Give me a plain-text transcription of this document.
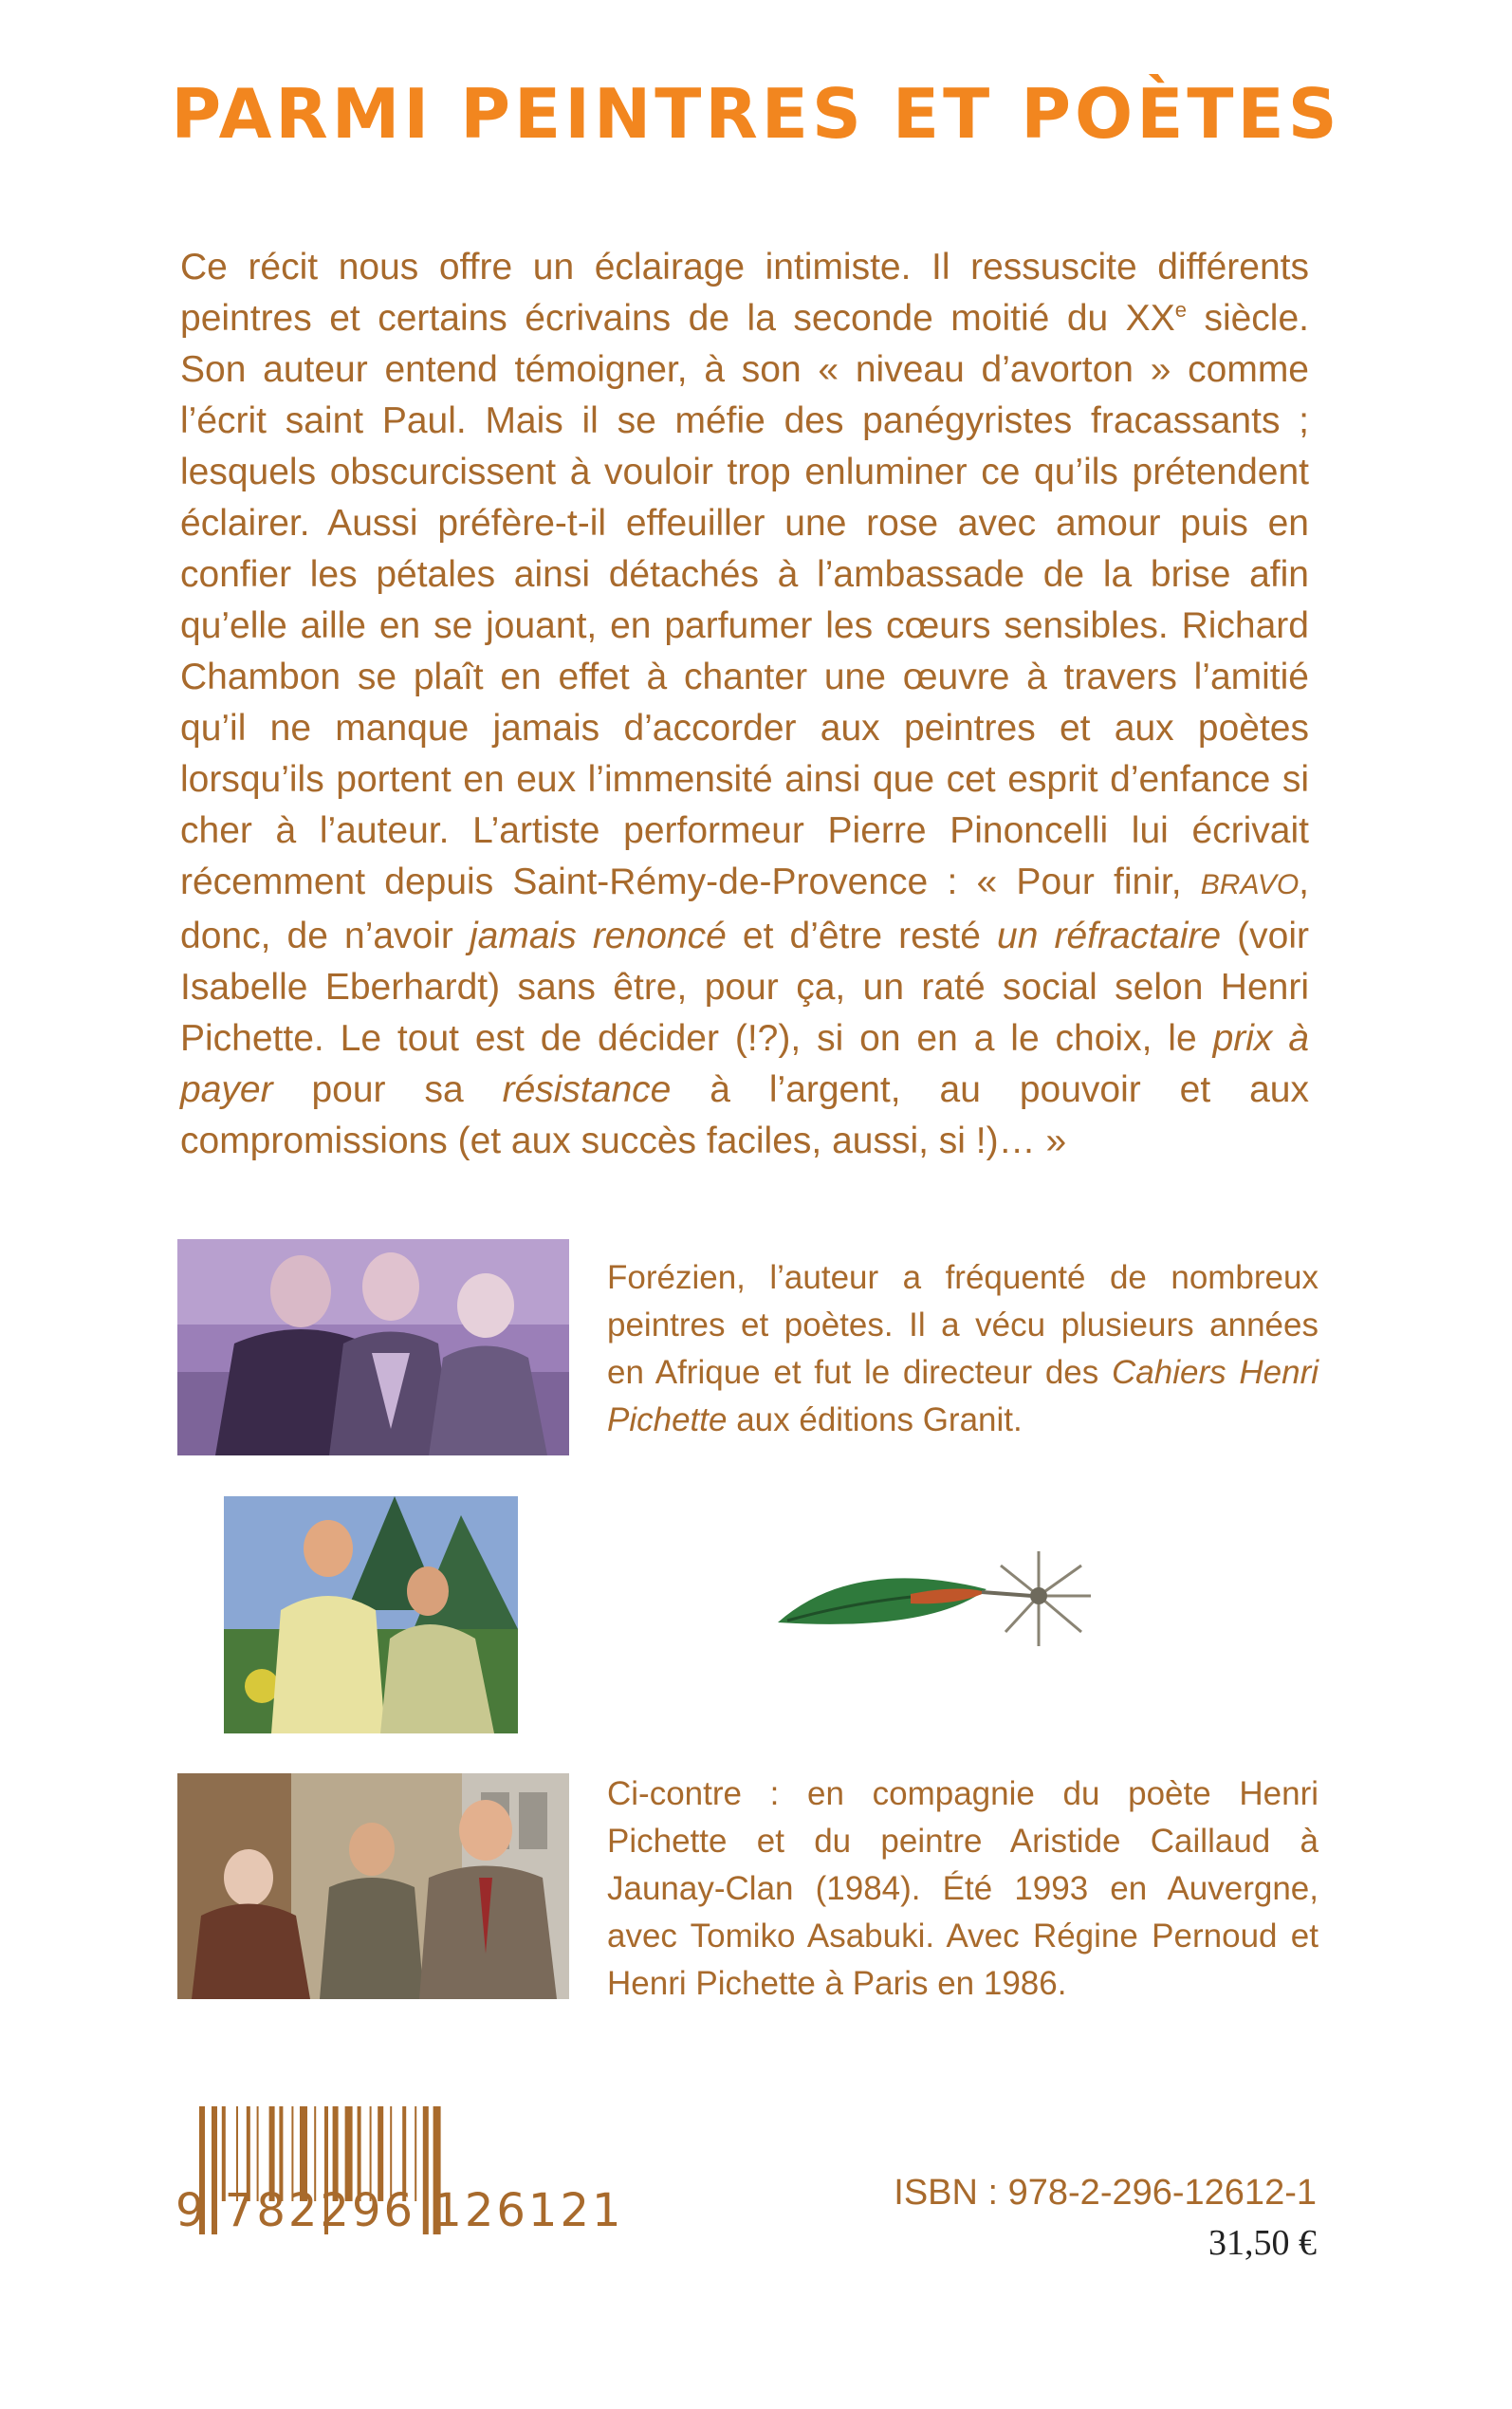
PARMI PEINTRES ET POÈTES

Ce récit nous offre un éclairage intimiste. Il ressuscite différents peintres et certains écrivains de la seconde moitié du XXe siècle. Son auteur entend témoigner, à son « niveau d’avorton » comme l’écrit saint Paul. Mais il se méfie des panégyristes fracassants ; lesquels obscurcissent à vouloir trop enluminer ce qu’ils prétendent éclairer. Aussi préfère-t-il effeuiller une rose avec amour puis en confier les pétales ainsi détachés à l’ambassade de la brise afin qu’elle aille en se jouant, en parfumer les cœurs sensibles. Richard Chambon se plaît en effet à chanter une œuvre à travers l’amitié qu’il ne manque jamais d’accorder aux peintres et aux poètes lorsqu’ils portent en eux l’immensité ainsi que cet esprit d’enfance si cher à l’auteur. L’artiste performeur Pierre Pinoncelli lui écrivait récemment depuis Saint-Rémy-de-Provence : « Pour finir, BRAVO, donc, de n’avoir jamais renoncé et d’être resté un réfractaire (voir Isabelle Eberhardt) sans être, pour ça, un raté social selon Henri Pichette. Le tout est de décider (!?), si on en a le choix, le prix à payer pour sa résistance à l’argent, au pouvoir et aux compromissions (et aux succès faciles, aussi, si !)… »

Forézien, l’auteur a fréquenté de nombreux peintres et poètes. Il a vécu plusieurs années en Afrique et fut le directeur des Cahiers Henri Pichette aux éditions Granit.

Ci-contre : en compagnie du poète Henri Pichette et du peintre Aristide Caillaud à Jaunay-Clan (1984). Été 1993 en Auvergne, avec Tomiko Asabuki. Avec Régine Pernoud et Henri Pichette à Paris en 1986.

9 782296 126121	ISBN : 978-2-296-12612-1

31,50 €
